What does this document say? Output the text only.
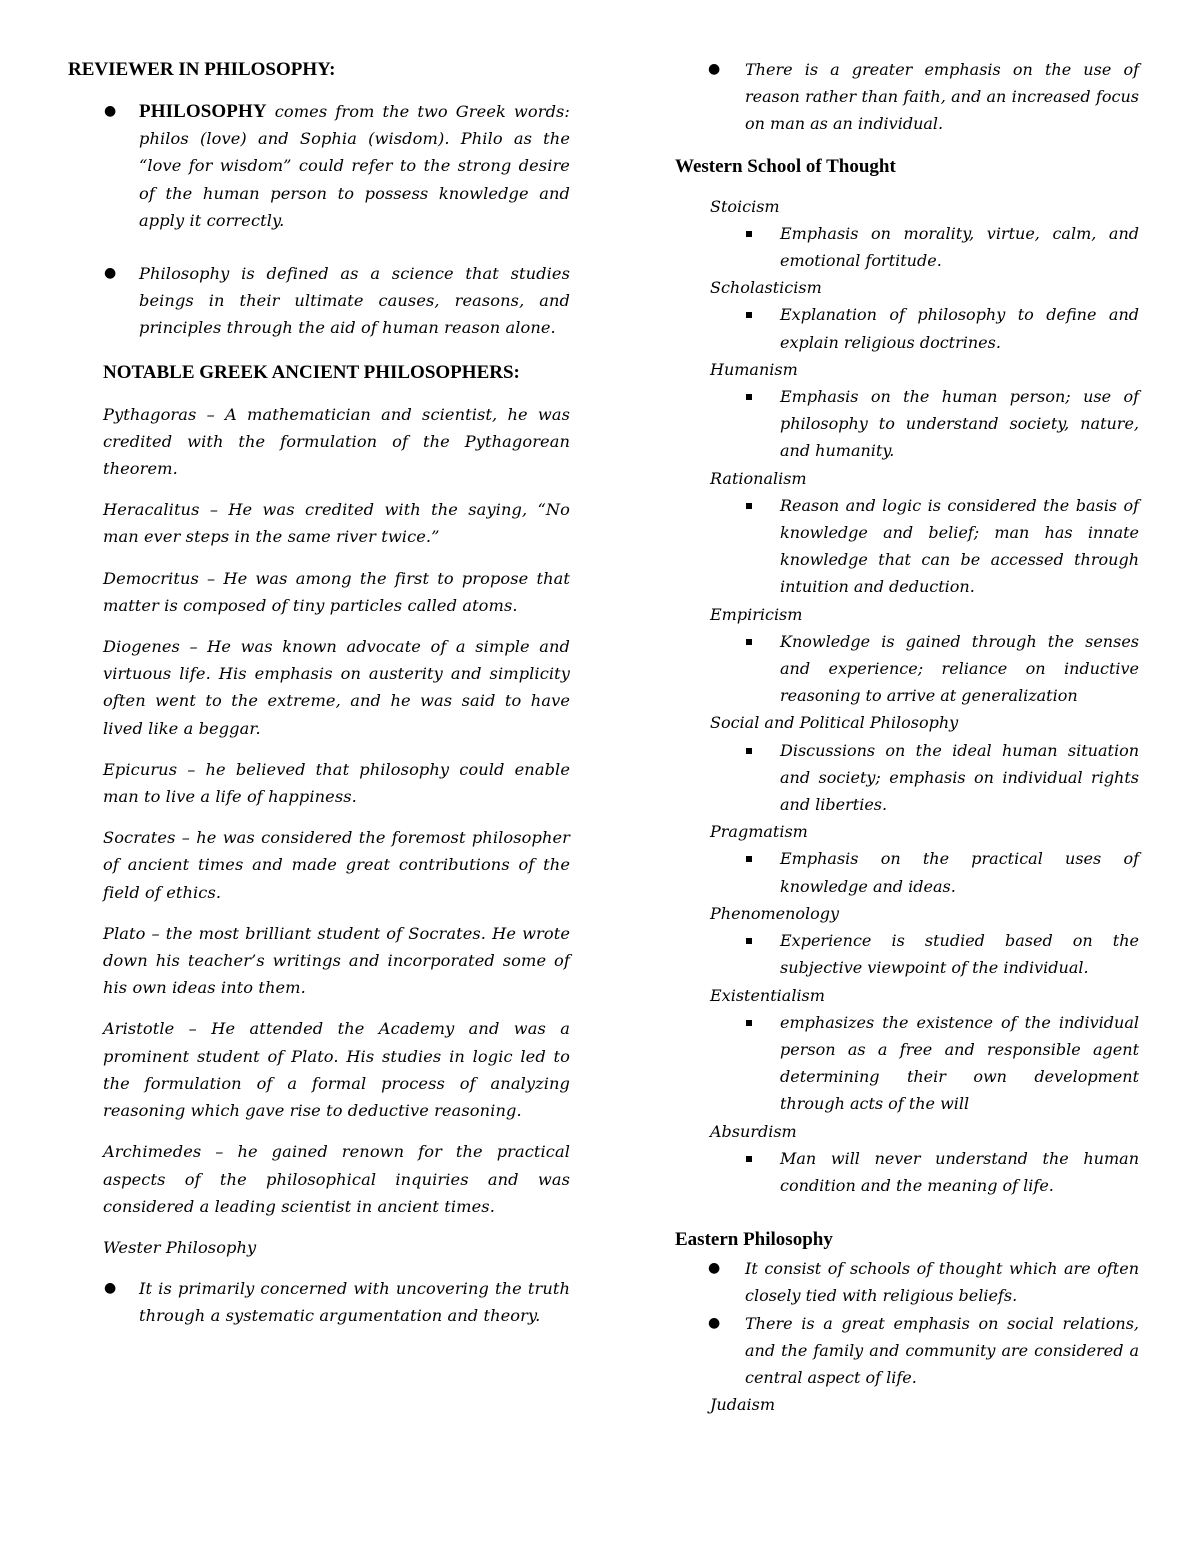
REVIEWER IN PHILOSOPHY:

● PHILOSOPHY comes from the two Greek words: philos (love) and Sophia (wisdom). Philo as the “love for wisdom” could refer to the strong desire of the human person to possess knowledge and apply it correctly.
● Philosophy is defined as a science that studies beings in their ultimate causes, reasons, and principles through the aid of human reason alone.

NOTABLE GREEK ANCIENT PHILOSOPHERS:

Pythagoras – A mathematician and scientist, he was credited with the formulation of the Pythagorean theorem.

Heracalitus – He was credited with the saying, “No man ever steps in the same river twice.”

Democritus – He was among the first to propose that matter is composed of tiny particles called atoms.

Diogenes – He was known advocate of a simple and virtuous life. His emphasis on austerity and simplicity often went to the extreme, and he was said to have lived like a beggar.

Epicurus – he believed that philosophy could enable man to live a life of happiness.

Socrates – he was considered the foremost philosopher of ancient times and made great contributions of the field of ethics.

Plato – the most brilliant student of Socrates. He wrote down his teacher’s writings and incorporated some of his own ideas into them.

Aristotle – He attended the Academy and was a prominent student of Plato. His studies in logic led to the formulation of a formal process of analyzing reasoning which gave rise to deductive reasoning.

Archimedes – he gained renown for the practical aspects of the philosophical inquiries and was considered a leading scientist in ancient times.

Wester Philosophy

● It is primarily concerned with uncovering the truth through a systematic argumentation and theory.
● There is a greater emphasis on the use of reason rather than faith, and an increased focus on man as an individual.

Western School of Thought

Stoicism

Emphasis on morality, virtue, calm, and emotional fortitude.

Scholasticism

Explanation of philosophy to define and explain religious doctrines.

Humanism

Emphasis on the human person; use of philosophy to understand society, nature, and humanity.

Rationalism

Reason and logic is considered the basis of knowledge and belief; man has innate knowledge that can be accessed through intuition and deduction.

Empiricism

Knowledge is gained through the senses and experience; reliance on inductive reasoning to arrive at generalization

Social and Political Philosophy

Discussions on the ideal human situation and society; emphasis on individual rights and liberties.

Pragmatism

Emphasis on the practical uses of knowledge and ideas.

Phenomenology

Experience is studied based on the subjective viewpoint of the individual.

Existentialism

emphasizes the existence of the individual person as a free and responsible agent determining their own development through acts of the will

Absurdism

Man will never understand the human condition and the meaning of life.

Eastern Philosophy

● It consist of schools of thought which are often closely tied with religious beliefs.
● There is a great emphasis on social relations, and the family and community are considered a central aspect of life.

Judaism
